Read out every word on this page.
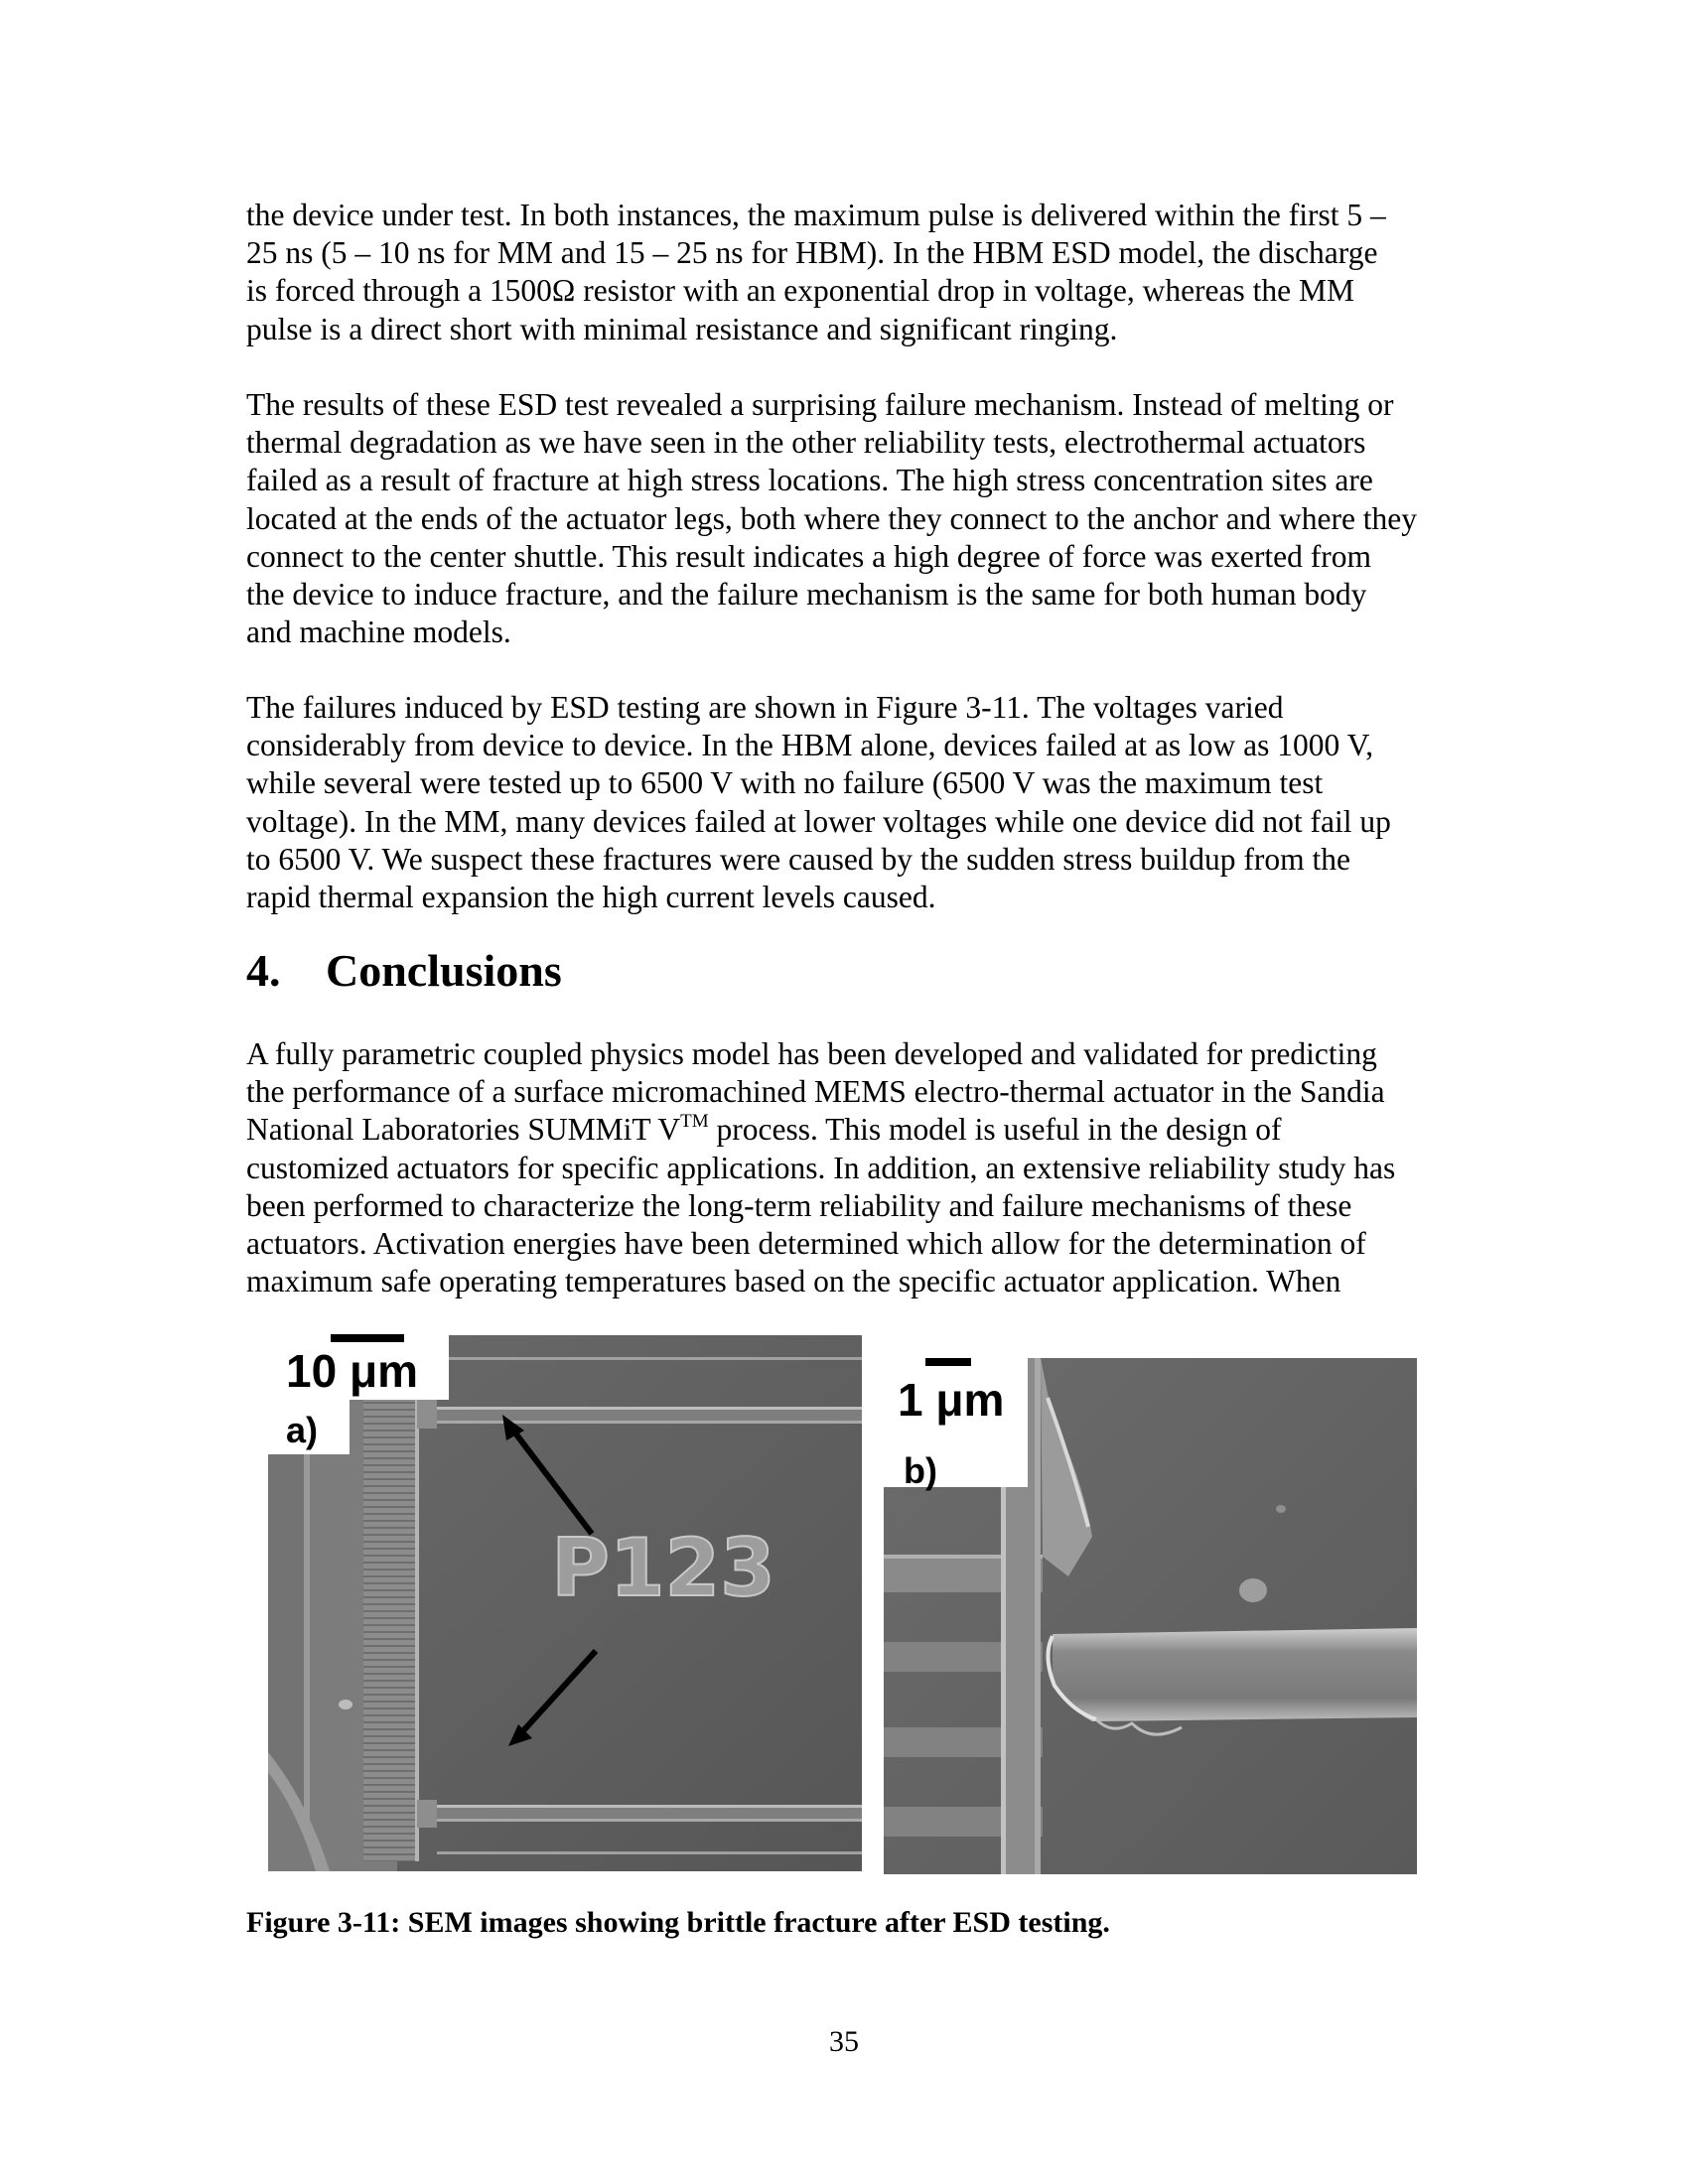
the device under test. In both instances, the maximum pulse is delivered within the first 5 –
25 ns (5 – 10 ns for MM and 15 – 25 ns for HBM). In the HBM ESD model, the discharge
is forced through a 1500Ω resistor with an exponential drop in voltage, whereas the MM
pulse is a direct short with minimal resistance and significant ringing.

The results of these ESD test revealed a surprising failure mechanism. Instead of melting or
thermal degradation as we have seen in the other reliability tests, electrothermal actuators
failed as a result of fracture at high stress locations. The high stress concentration sites are
located at the ends of the actuator legs, both where they connect to the anchor and where they
connect to the center shuttle. This result indicates a high degree of force was exerted from
the device to induce fracture, and the failure mechanism is the same for both human body
and machine models.

The failures induced by ESD testing are shown in Figure 3-11. The voltages varied
considerably from device to device. In the HBM alone, devices failed at as low as 1000 V,
while several were tested up to 6500 V with no failure (6500 V was the maximum test
voltage). In the MM, many devices failed at lower voltages while one device did not fail up
to 6500 V. We suspect these fractures were caused by the sudden stress buildup from the
rapid thermal expansion the high current levels caused.

4. Conclusions

A fully parametric coupled physics model has been developed and validated for predicting
the performance of a surface micromachined MEMS electro-thermal actuator in the Sandia
National Laboratories SUMMiT V™ process. This model is useful in the design of
customized actuators for specific applications. In addition, an extensive reliability study has
been performed to characterize the long-term reliability and failure mechanisms of these
actuators. Activation energies have been determined which allow for the determination of
maximum safe operating temperatures based on the specific actuator application. When

P123
10 μm
a)
1 μm
b)

Figure 3-11: SEM images showing brittle fracture after ESD testing.

35
